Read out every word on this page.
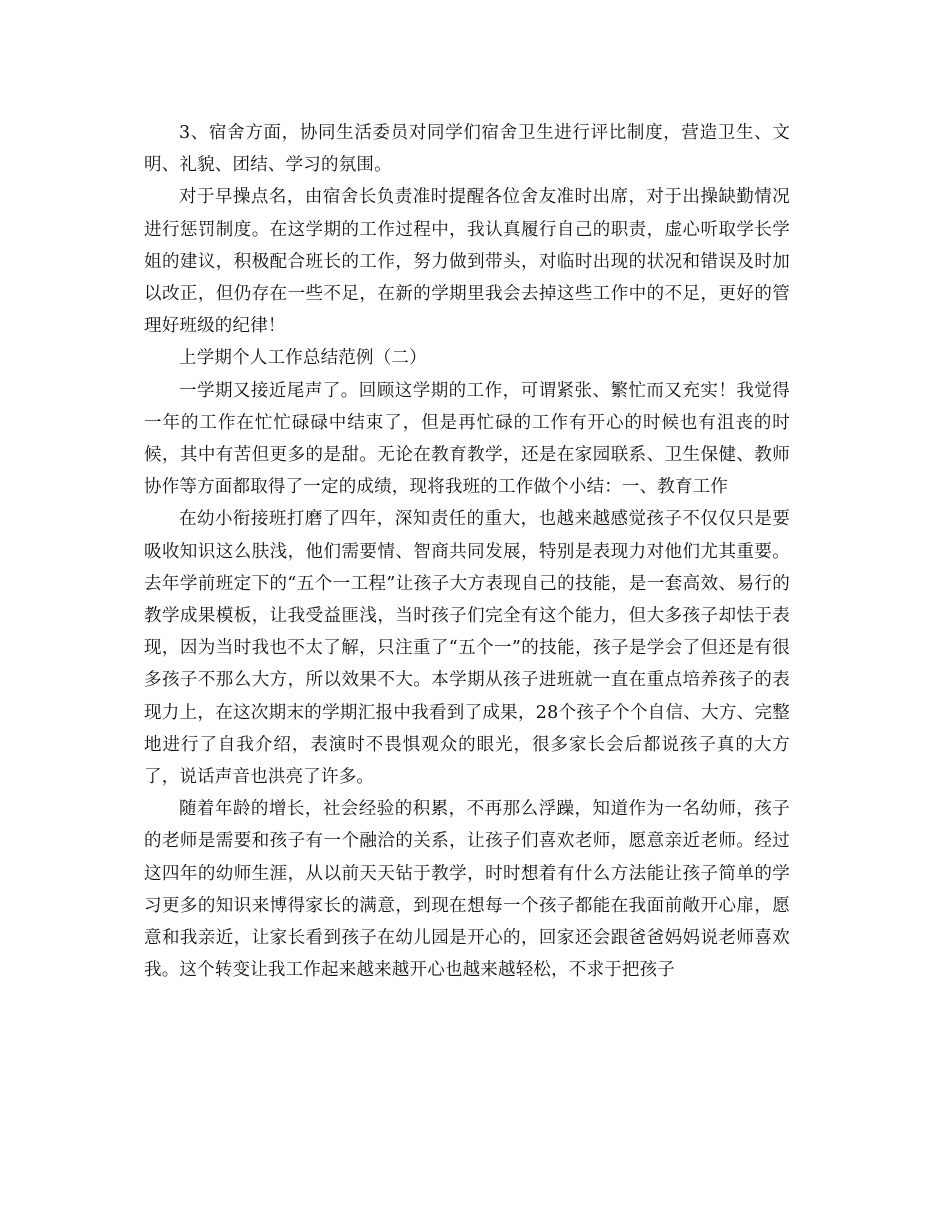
3、宿舍方面，协同生活委员对同学们宿舍卫生进行评比制度，营造卫生、文明、礼貌、团结、学习的氛围。

对于早操点名，由宿舍长负责准时提醒各位舍友准时出席，对于出操缺勤情况进行惩罚制度。在这学期的工作过程中，我认真履行自己的职责，虚心听取学长学姐的建议，积极配合班长的工作，努力做到带头，对临时出现的状况和错误及时加以改正，但仍存在一些不足，在新的学期里我会去掉这些工作中的不足，更好的管理好班级的纪律！

上学期个人工作总结范例（二）

一学期又接近尾声了。回顾这学期的工作，可谓紧张、繁忙而又充实！我觉得一年的工作在忙忙碌碌中结束了，但是再忙碌的工作有开心的时候也有沮丧的时候，其中有苦但更多的是甜。无论在教育教学，还是在家园联系、卫生保健、教师协作等方面都取得了一定的成绩，现将我班的工作做个小结：一、教育工作

在幼小衔接班打磨了四年，深知责任的重大，也越来越感觉孩子不仅仅只是要吸收知识这么肤浅，他们需要情、智商共同发展，特别是表现力对他们尤其重要。去年学前班定下的“五个一工程”让孩子大方表现自己的技能，是一套高效、易行的教学成果模板，让我受益匪浅，当时孩子们完全有这个能力，但大多孩子却怯于表现，因为当时我也不太了解，只注重了“五个一”的技能，孩子是学会了但还是有很多孩子不那么大方，所以效果不大。本学期从孩子进班就一直在重点培养孩子的表现力上，在这次期末的学期汇报中我看到了成果，28个孩子个个自信、大方、完整地进行了自我介绍，表演时不畏惧观众的眼光，很多家长会后都说孩子真的大方了，说话声音也洪亮了许多。

随着年龄的增长，社会经验的积累，不再那么浮躁，知道作为一名幼师，孩子的老师是需要和孩子有一个融洽的关系，让孩子们喜欢老师，愿意亲近老师。经过这四年的幼师生涯，从以前天天钻于教学，时时想着有什么方法能让孩子简单的学习更多的知识来博得家长的满意，到现在想每一个孩子都能在我面前敞开心扉，愿意和我亲近，让家长看到孩子在幼儿园是开心的，回家还会跟爸爸妈妈说老师喜欢我。这个转变让我工作起来越来越开心也越来越轻松，不求于把孩子
